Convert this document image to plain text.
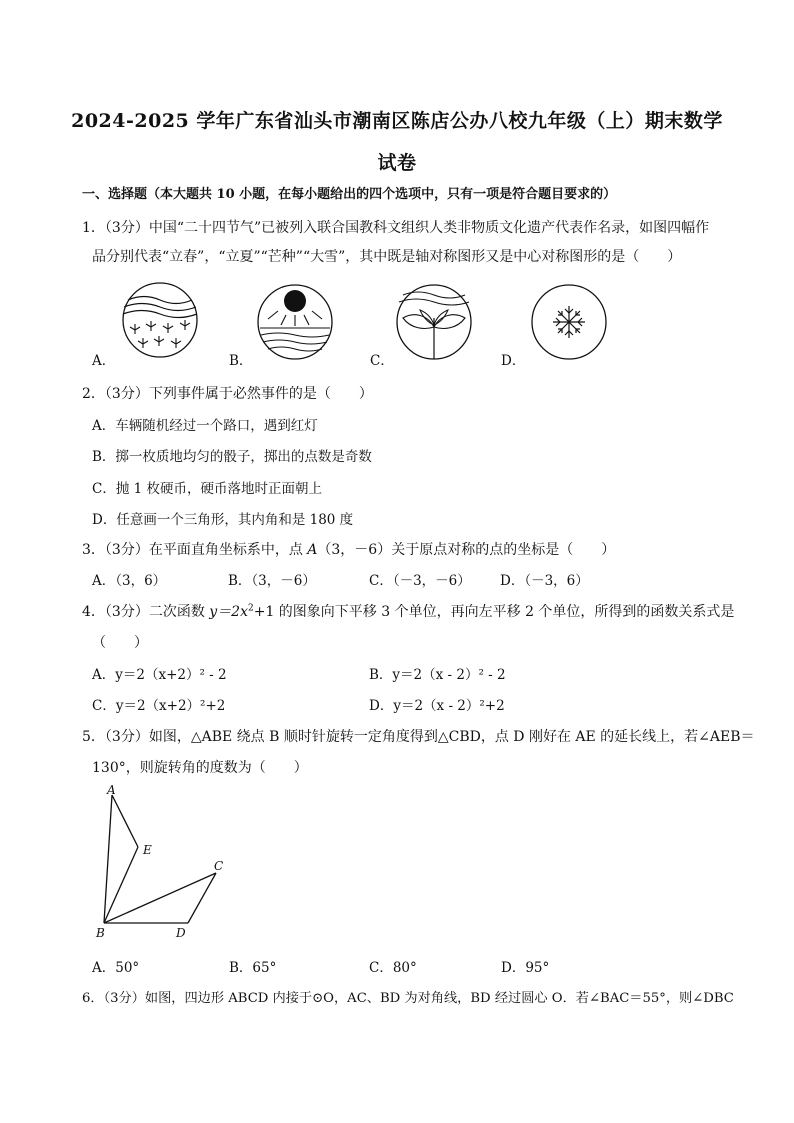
2024-2025 学年广东省汕头市潮南区陈店公办八校九年级（上）期末数学
试卷
一、选择题（本大题共 10 小题，在每小题给出的四个选项中，只有一项是符合题目要求的）
1．（3分）中国“二十四节气”已被列入联合国教科文组织人类非物质文化遗产代表作名录，如图四幅作
品分别代表“立春”，“立夏”“芒种”“大雪”，其中既是轴对称图形又是中心对称图形的是（　　）
A．	B．	C．	D．
2．（3分）下列事件属于必然事件的是（　　）
A．车辆随机经过一个路口，遇到红灯
B．掷一枚质地均匀的骰子，掷出的点数是奇数
C．抛 1 枚硬币，硬币落地时正面朝上
D．任意画一个三角形，其内角和是 180 度
3．（3分）在平面直角坐标系中，点 A（3，－6）关于原点对称的点的坐标是（　　）
A．（3，6）	B．（3，－6）	C．（－3，－6） D．（－3，6）
4．（3分）二次函数 $y=2x^2+1$ 的图象向下平移 3 个单位，再向左平移 2 个单位，所得到的函数关系式是
（　　）
A．y＝2（x+2）² - 2	B．y＝2（x - 2）² - 2
C．y＝2（x+2）²+2	D．y＝2（x - 2）²+2
5．（3分）如图，△ABE 绕点 B 顺时针旋转一定角度得到△CBD，点 D 刚好在 AE 的延长线上，若∠AEB＝
130°，则旋转角的度数为（　　）
A
E
C
B	D
A．50°	B．65°	C．80°	D．95°
6．（3分）如图，四边形 ABCD 内接于⊙O，AC、BD 为对角线，BD 经过圆心 O．若∠BAC＝55°，则∠DBC
